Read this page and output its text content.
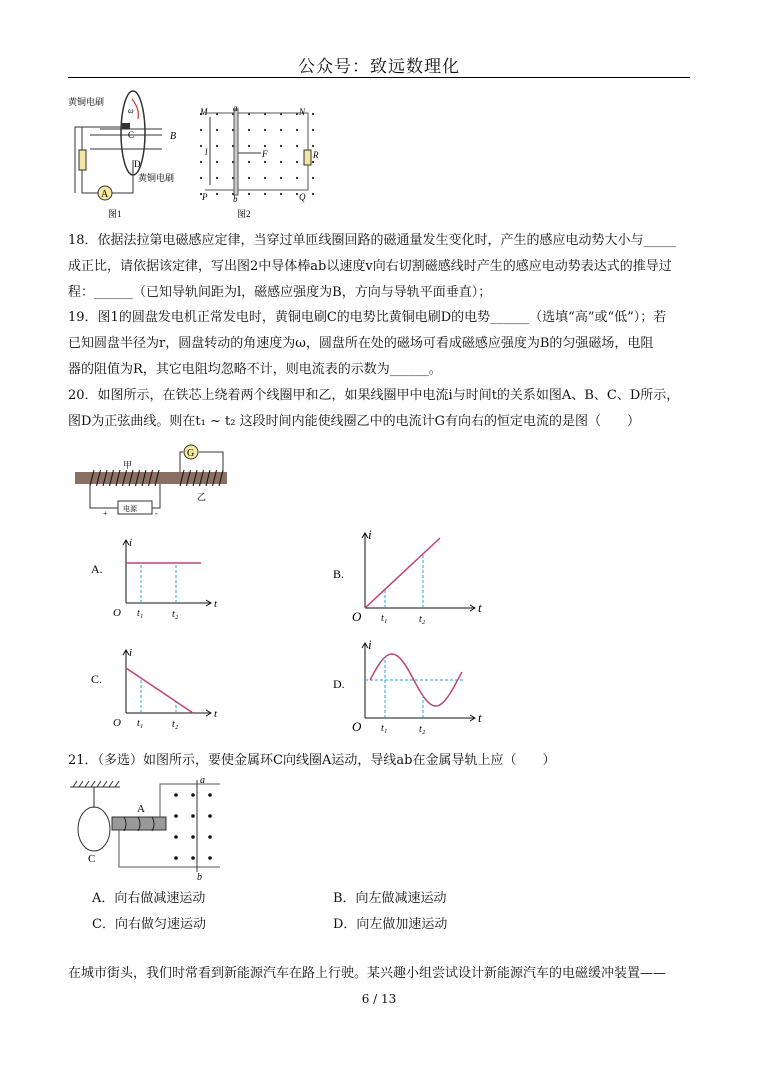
公众号：致远数理化
A
黄铜电刷
ω
C
D
黄铜电刷
B
图1
M	a	N
l	F	R
P	b	Q
图2
18．依据法拉第电磁感应定律，当穿过单匝线圈回路的磁通量发生变化时，产生的感应电动势大小与_____
成正比，请依据该定律，写出图2中导体棒ab以速度v向右切割磁感线时产生的感应电动势表达式的推导过
程：______（已知导轨间距为l，磁感应强度为B，方向与导轨平面垂直）；
19．图1的圆盘发电机正常发电时，黄铜电刷C的电势比黄铜电刷D的电势______（选填“高”或“低”）；若
已知圆盘半径为r，圆盘转动的角速度为ω，圆盘所在处的磁场可看成磁感应强度为B的匀强磁场，电阻
器的阻值为R，其它电阻均忽略不计，则电流表的示数为______。
20．如图所示，在铁芯上绕着两个线圈甲和乙，如果线圈甲中电流i与时间t的关系如图A、B、C、D所示，
图D为正弦曲线。则在t₁ ~ t₂ 这段时间内能使线圈乙中的电流计G有向右的恒定电流的是图（　　）
G
甲
乙
电源
+	-
A.
i
t
O t₁	t₂
B.
i
t
O t₁	t₂
C.
i
t
O t₁	t₂
D.
i
t
O t₁	t₂
21．（多选）如图所示，要使金属环C向线圈A运动，导线ab在金属导轨上应（　　）
A
C
a
b
A．向右做减速运动	B．向左做减速运动
C．向右做匀速运动	D．向左做加速运动
在城市街头，我们时常看到新能源汽车在路上行驶。某兴趣小组尝试设计新能源汽车的电磁缓冲装置——
6 / 13
